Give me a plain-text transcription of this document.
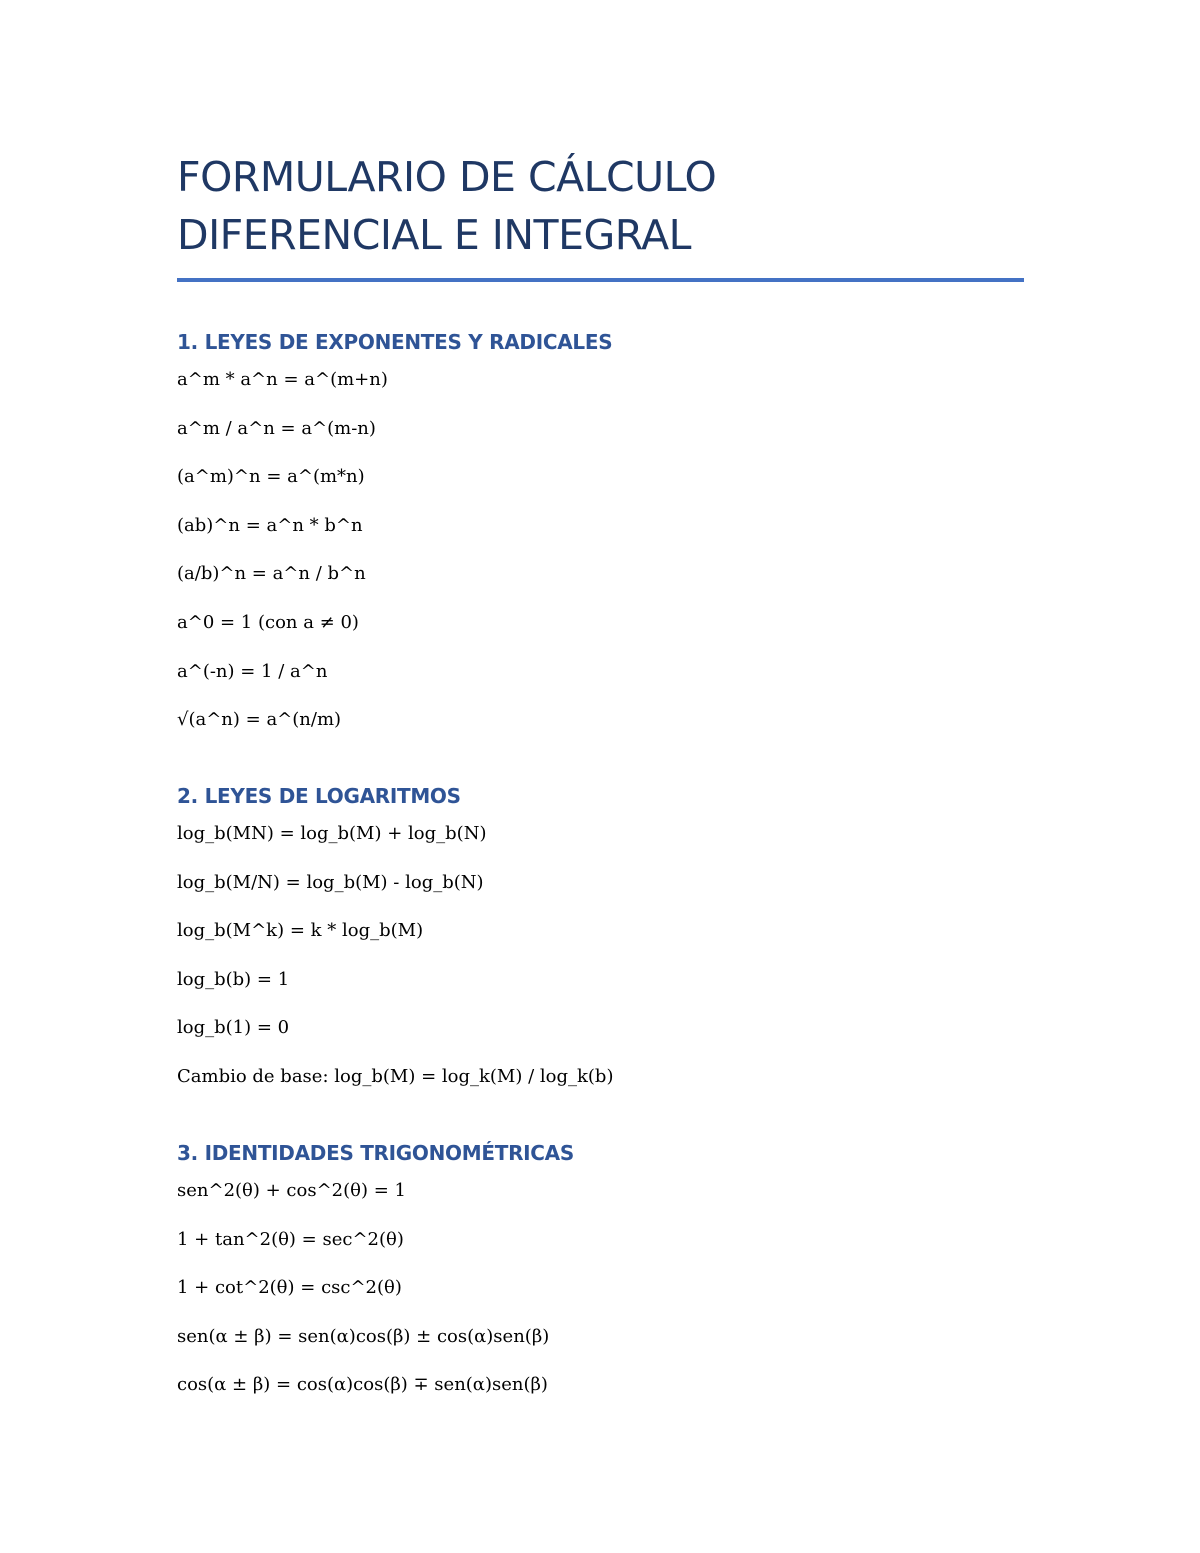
FORMULARIO DE CÁLCULO
DIFERENCIAL E INTEGRAL
1. LEYES DE EXPONENTES Y RADICALES

a^m * a^n = a^(m+n)

a^m / a^n = a^(m-n)

(a^m)^n = a^(m*n)

(ab)^n = a^n * b^n

(a/b)^n = a^n / b^n

a^0 = 1 (con a ≠ 0)

a^(-n) = 1 / a^n

√(a^n) = a^(n/m)

2. LEYES DE LOGARITMOS

log_b(MN) = log_b(M) + log_b(N)

log_b(M/N) = log_b(M) - log_b(N)

log_b(M^k) = k * log_b(M)

log_b(b) = 1

log_b(1) = 0

Cambio de base: log_b(M) = log_k(M) / log_k(b)

3. IDENTIDADES TRIGONOMÉTRICAS

sen^2(θ) + cos^2(θ) = 1

1 + tan^2(θ) = sec^2(θ)

1 + cot^2(θ) = csc^2(θ)

sen(α ± β) = sen(α)cos(β) ± cos(α)sen(β)

cos(α ± β) = cos(α)cos(β) ∓ sen(α)sen(β)
